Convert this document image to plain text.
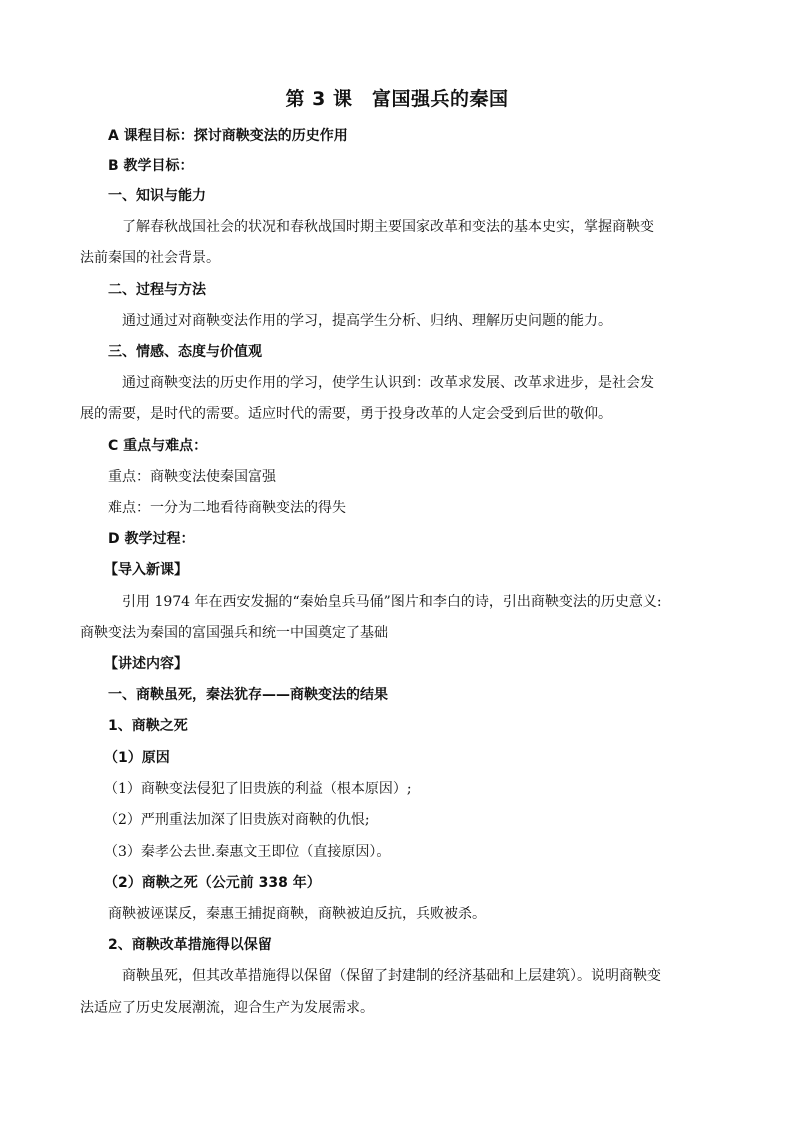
第 3 课　富国强兵的秦国
A 课程目标：探讨商鞅变法的历史作用
B 教学目标：
一、知识与能力
了解春秋战国社会的状况和春秋战国时期主要国家改革和变法的基本史实，掌握商鞅变
法前秦国的社会背景。
二、过程与方法
通过通过对商鞅变法作用的学习，提高学生分析、归纳、理解历史问题的能力。
三、情感、态度与价值观
通过商鞅变法的历史作用的学习，使学生认识到：改革求发展、改革求进步，是社会发
展的需要，是时代的需要。适应时代的需要，勇于投身改革的人定会受到后世的敬仰。
C 重点与难点：
重点：商鞅变法使秦国富强
难点：一分为二地看待商鞅变法的得失
D 教学过程：
【导入新课】
引用 1974 年在西安发掘的“秦始皇兵马俑”图片和李白的诗，引出商鞅变法的历史意义:
商鞅变法为秦国的富国强兵和统一中国奠定了基础
【讲述内容】
一、商鞅虽死，秦法犹存——商鞅变法的结果
1、商鞅之死
（1）原因
（1）商鞅变法侵犯了旧贵族的利益（根本原因）;
（2）严刑重法加深了旧贵族对商鞅的仇恨;
（3）秦孝公去世.秦惠文王即位（直接原因）。
（2）商鞅之死（公元前 338 年）
商鞅被诬谋反，秦惠王捕捉商鞅，商鞅被迫反抗，兵败被杀。
2、商鞅改革措施得以保留
商鞅虽死，但其改革措施得以保留（保留了封建制的经济基础和上层建筑）。说明商鞅变
法适应了历史发展潮流，迎合生产为发展需求。
